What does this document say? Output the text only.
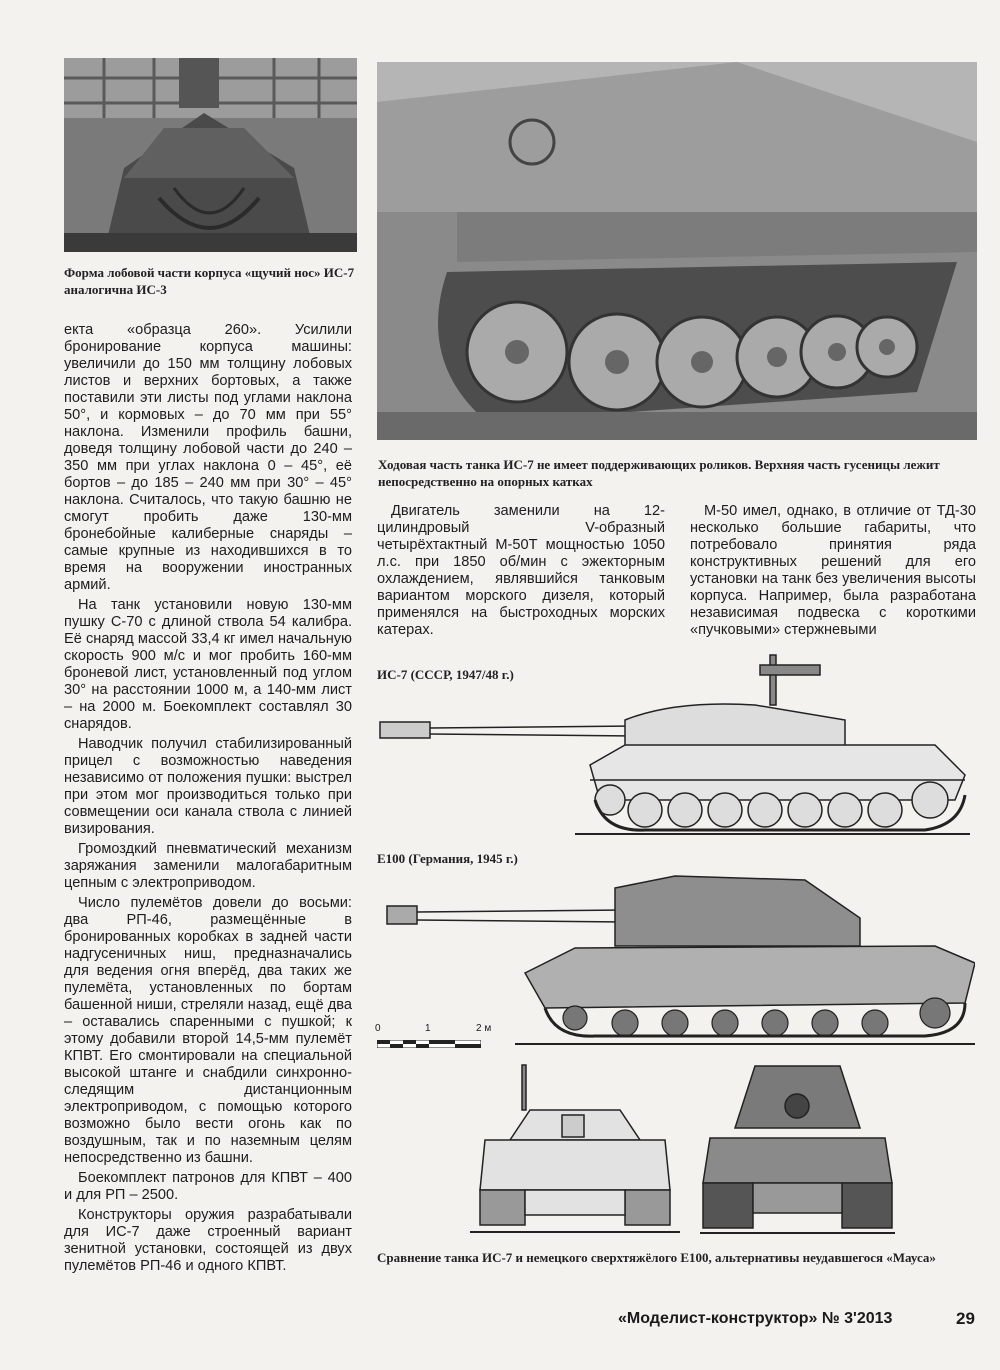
Форма лобовой части корпуса «щучий нос» ИС-7 аналогична ИС-3
Ходовая часть танка ИС-7 не имеет поддерживающих роликов. Верхняя часть гусеницы лежит непосредственно на опорных катках

екта «образца 260». Усилили бронирование корпуса машины: увеличили до 150 мм толщину лобовых листов и верхних бортовых, а также поставили эти листы под углами наклона 50°, и кормовых – до 70 мм при 55° наклона. Изменили профиль башни, доведя толщину лобовой части до 240 – 350 мм при углах наклона 0 – 45°, её бортов – до 185 – 240 мм при 30° – 45° наклона. Считалось, что такую башню не смогут пробить даже 130-мм бронебойные калиберные снаряды – самые крупные из находившихся в то время на вооружении иностранных армий.

На танк установили новую 130-мм пушку С-70 с длиной ствола 54 калибра. Её снаряд массой 33,4 кг имел начальную скорость 900 м/с и мог пробить 160-мм броневой лист, установленный под углом 30° на расстоянии 1000 м, а 140-мм лист – на 2000 м. Боекомплект составлял 30 снарядов.

Наводчик получил стабилизированный прицел с возможностью наведения независимо от положения пушки: выстрел при этом мог производиться только при совмещении оси канала ствола с линией визирования.

Громоздкий пневматический механизм заряжания заменили малогабаритным цепным с электроприводом.

Число пулемётов довели до восьми: два РП-46, размещённые в бронированных коробках в задней части надгусеничных ниш, предназначались для ведения огня вперёд, два таких же пулемёта, установленных по бортам башенной ниши, стреляли назад, ещё два – оставались спаренными с пушкой; к этому добавили второй 14,5-мм пулемёт КПВТ. Его смонтировали на специальной высокой штанге и снабдили синхронно-следящим дистанционным электроприводом, с помощью которого возможно было вести огонь как по воздушным, так и по наземным целям непосредственно из башни.

Боекомплект патронов для КПВТ – 400 и для РП – 2500.

Конструкторы оружия разрабатывали для ИС-7 даже строенный вариант зенитной установки, состоящей из двух пулемётов РП-46 и одного КПВТ.

Двигатель заменили на 12-цилиндровый V-образный четырёхтактный М-50Т мощностью 1050 л.с. при 1850 об/мин с эжекторным охлаждением, являвшийся танковым вариантом морского дизеля, который применялся на быстроходных морских катерах.

М-50 имел, однако, в отличие от ТД-30 несколько большие габариты, что потребовало принятия ряда конструктивных решений для его установки на танк без увеличения высоты корпуса. Например, была разработана независимая подвеска с короткими «пучковыми» стержневыми

ИС-7 (СССР, 1947/48 г.)
Е100 (Германия, 1945 г.)
0	1	2 м
Сравнение танка ИС-7 и немецкого сверхтяжёлого Е100, альтернативы неудавшегося «Мауса»
«Моделист-конструктор» № 3'2013	29
